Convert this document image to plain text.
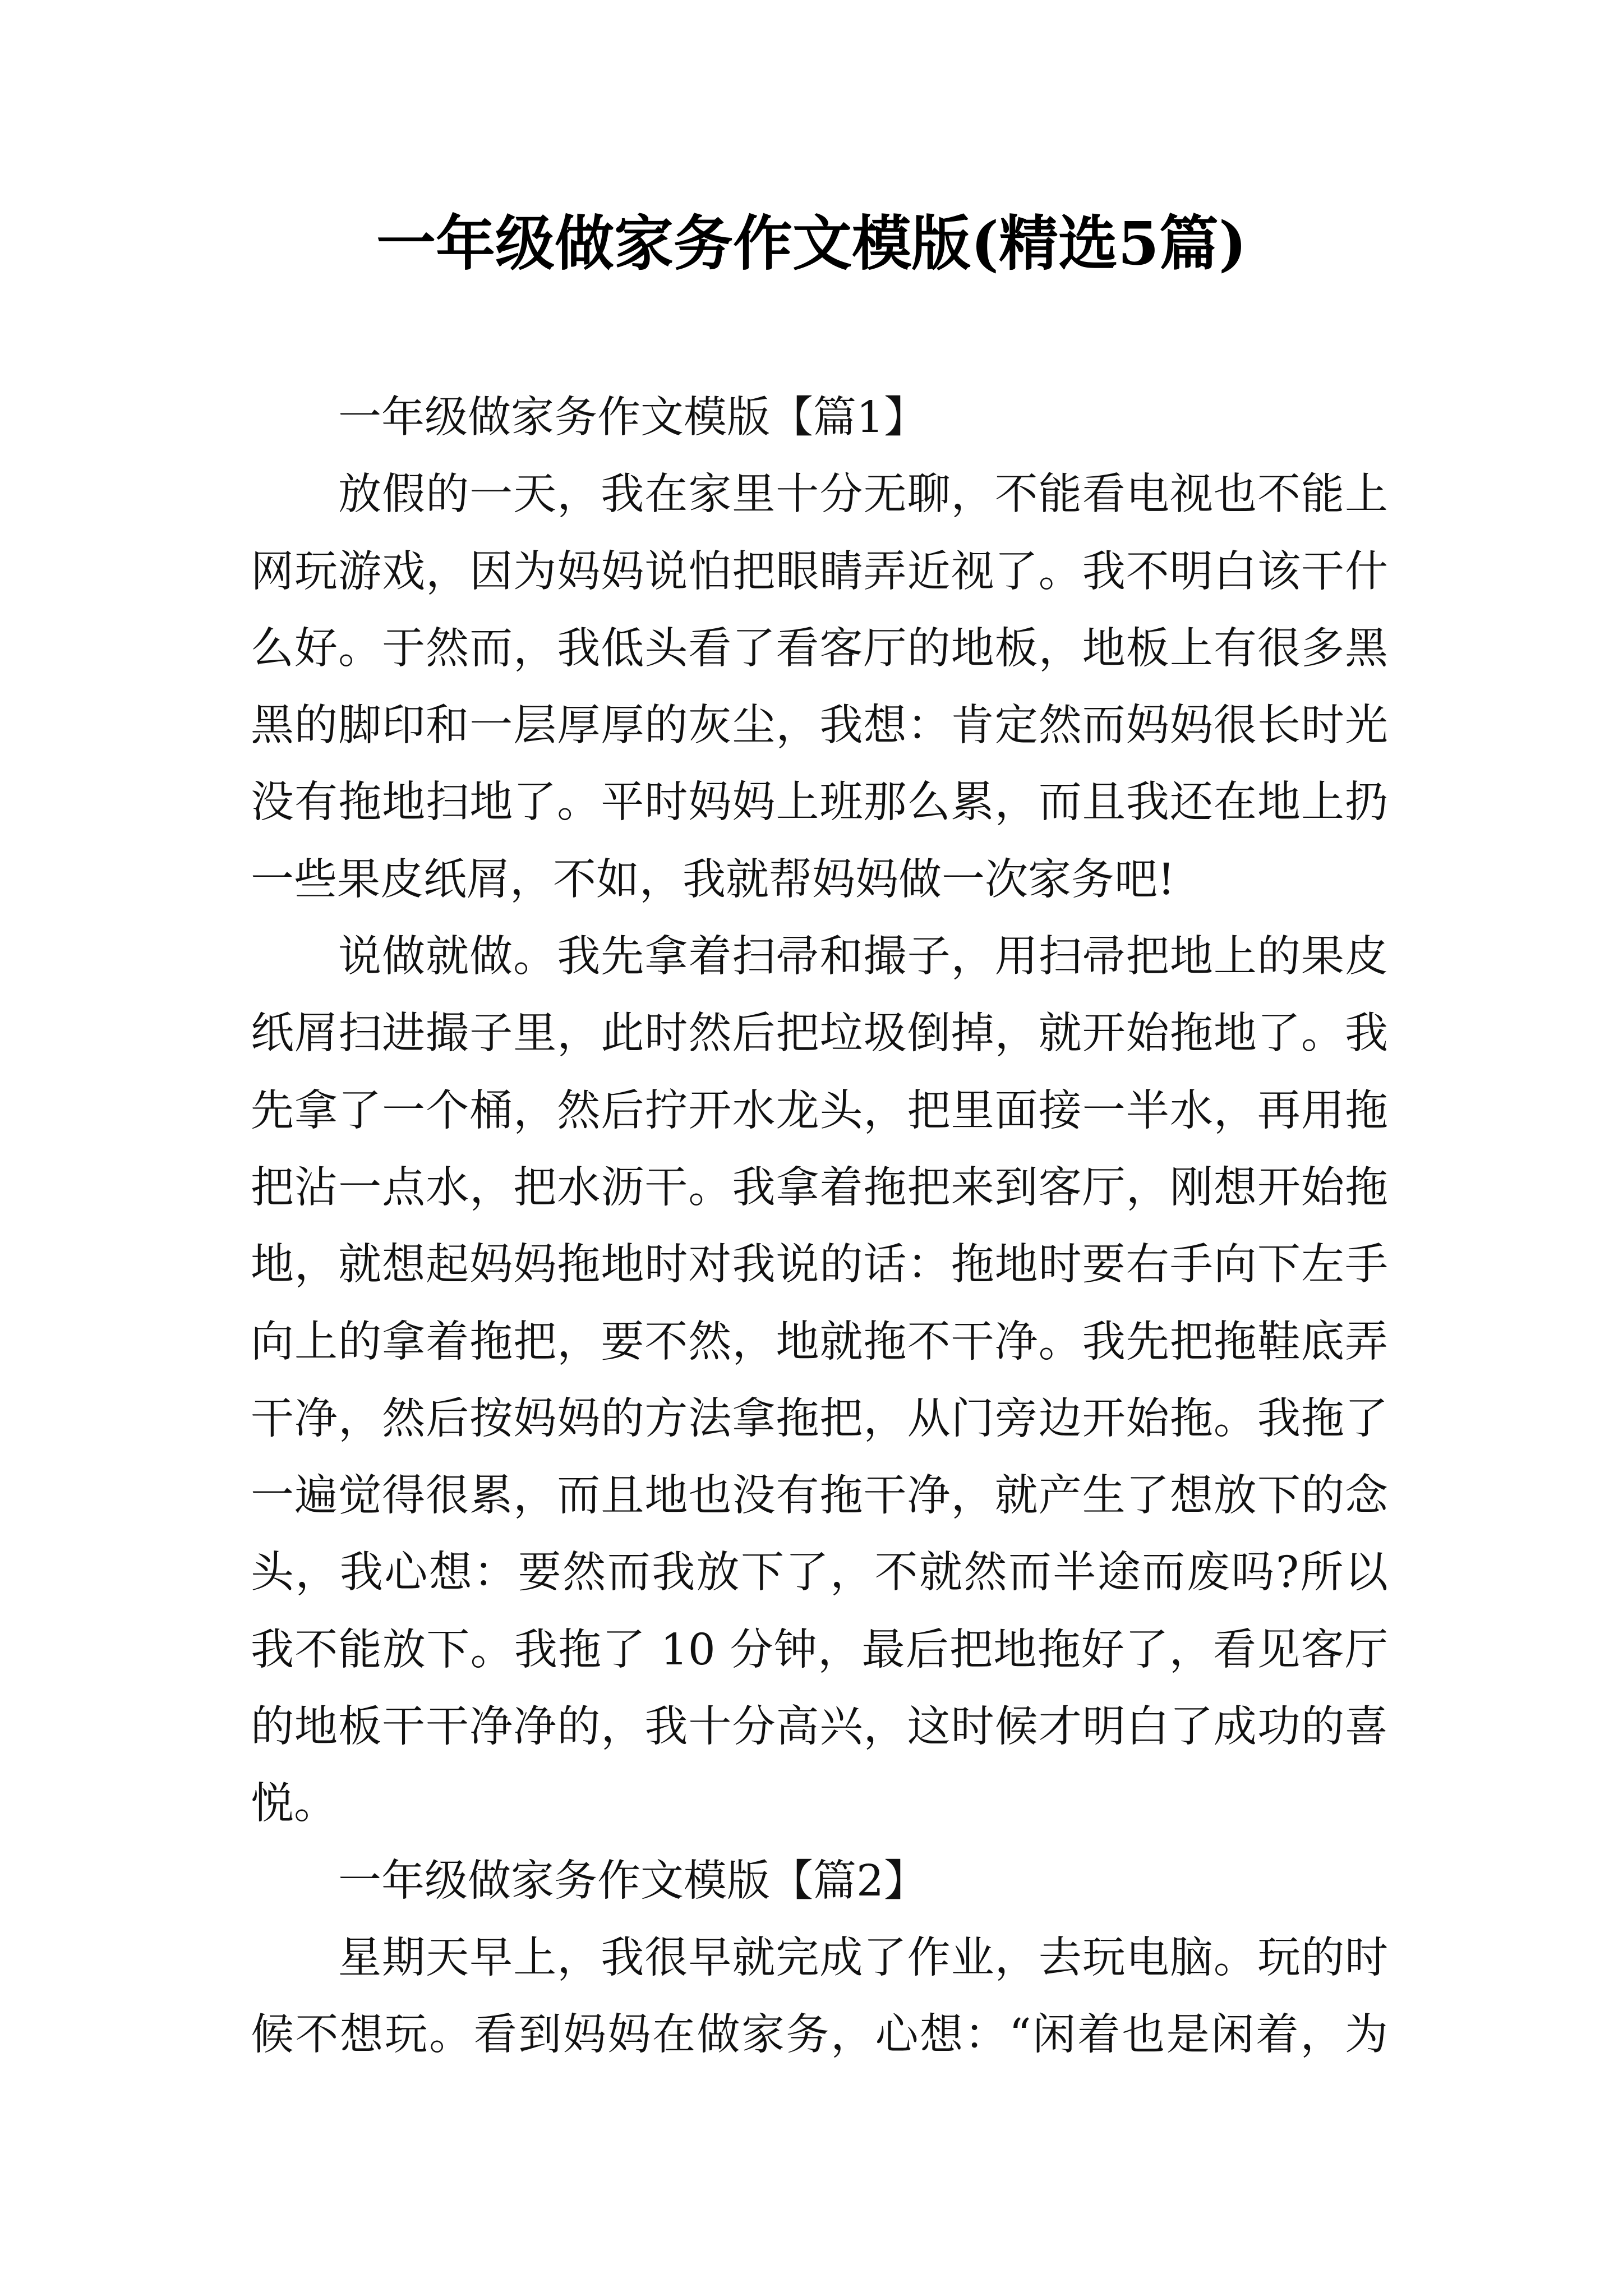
一年级做家务作文模版(精选5篇)
一年级做家务作文模版【篇1】
放假的一天，我在家里十分无聊，不能看电视也不能上
网玩游戏，因为妈妈说怕把眼睛弄近视了。我不明白该干什
么好。于然而，我低头看了看客厅的地板，地板上有很多黑
黑的脚印和一层厚厚的灰尘，我想：肯定然而妈妈很长时光
没有拖地扫地了。平时妈妈上班那么累，而且我还在地上扔
一些果皮纸屑，不如，我就帮妈妈做一次家务吧!
说做就做。我先拿着扫帚和撮子，用扫帚把地上的果皮
纸屑扫进撮子里，此时然后把垃圾倒掉，就开始拖地了。我
先拿了一个桶，然后拧开水龙头，把里面接一半水，再用拖
把沾一点水，把水沥干。我拿着拖把来到客厅，刚想开始拖
地，就想起妈妈拖地时对我说的话：拖地时要右手向下左手
向上的拿着拖把，要不然，地就拖不干净。我先把拖鞋底弄
干净，然后按妈妈的方法拿拖把，从门旁边开始拖。我拖了
一遍觉得很累，而且地也没有拖干净，就产生了想放下的念
头，我心想：要然而我放下了，不就然而半途而废吗?所以
我不能放下。我拖了 10 分钟，最后把地拖好了，看见客厅
的地板干干净净的，我十分高兴，这时候才明白了成功的喜
悦。
一年级做家务作文模版【篇2】
星期天早上，我很早就完成了作业，去玩电脑。玩的时
候不想玩。看到妈妈在做家务，心想：“闲着也是闲着，为
